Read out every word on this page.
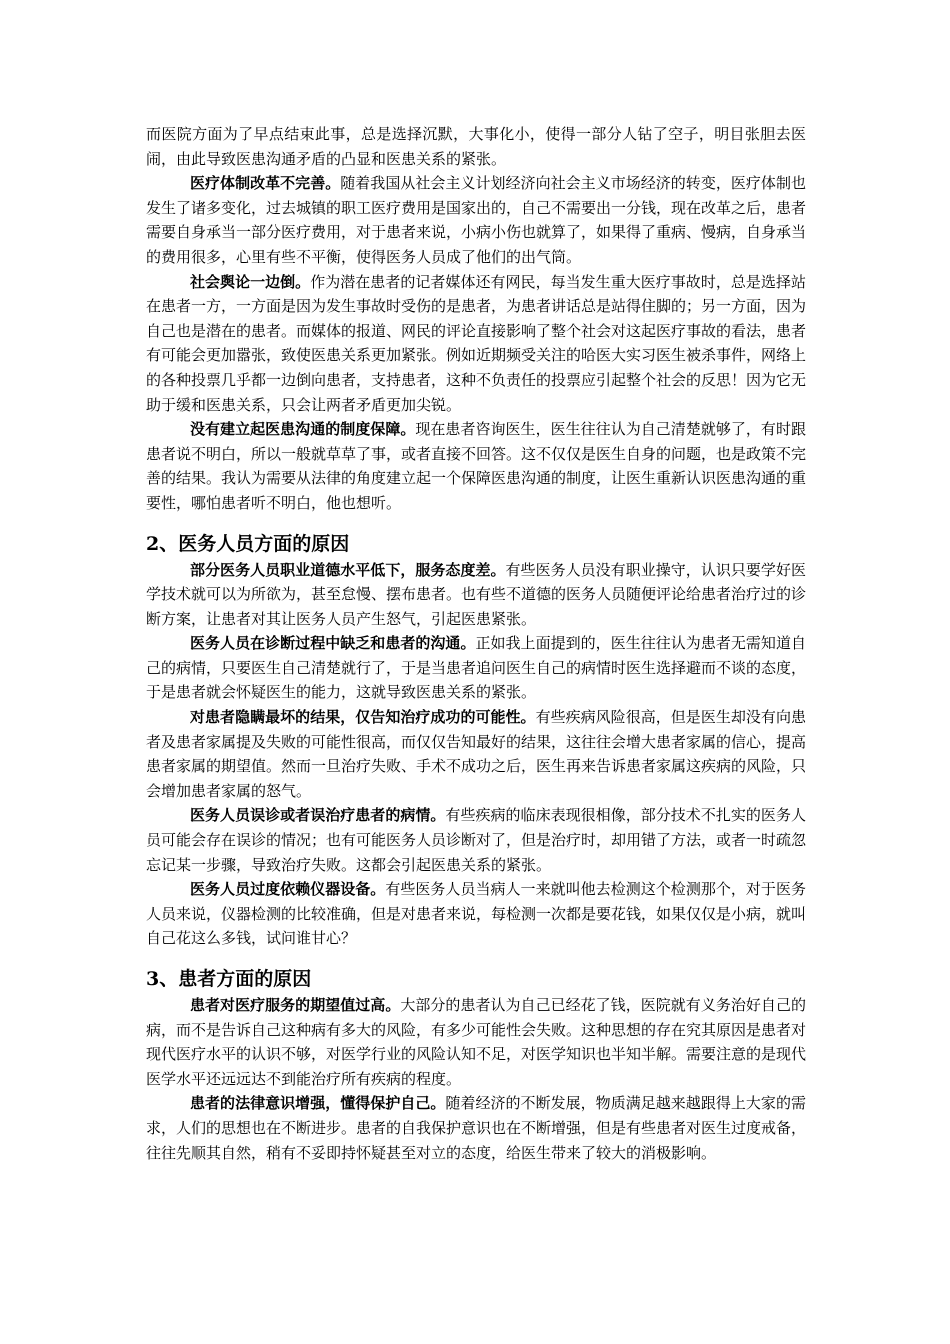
而医院方面为了早点结束此事，总是选择沉默，大事化小，使得一部分人钻了空子，明目张胆去医闹，由此导致医患沟通矛盾的凸显和医患关系的紧张。

医疗体制改革不完善。随着我国从社会主义计划经济向社会主义市场经济的转变，医疗体制也发生了诸多变化，过去城镇的职工医疗费用是国家出的，自己不需要出一分钱，现在改革之后，患者需要自身承当一部分医疗费用，对于患者来说，小病小伤也就算了，如果得了重病、慢病，自身承当的费用很多，心里有些不平衡，使得医务人员成了他们的出气筒。

社会舆论一边倒。作为潜在患者的记者媒体还有网民，每当发生重大医疗事故时，总是选择站在患者一方，一方面是因为发生事故时受伤的是患者，为患者讲话总是站得住脚的；另一方面，因为自己也是潜在的患者。而媒体的报道、网民的评论直接影响了整个社会对这起医疗事故的看法，患者有可能会更加嚣张，致使医患关系更加紧张。例如近期频受关注的哈医大实习医生被杀事件，网络上的各种投票几乎都一边倒向患者，支持患者，这种不负责任的投票应引起整个社会的反思！因为它无助于缓和医患关系，只会让两者矛盾更加尖锐。

没有建立起医患沟通的制度保障。现在患者咨询医生，医生往往认为自己清楚就够了，有时跟患者说不明白，所以一般就草草了事，或者直接不回答。这不仅仅是医生自身的问题，也是政策不完善的结果。我认为需要从法律的角度建立起一个保障医患沟通的制度，让医生重新认识医患沟通的重要性，哪怕患者听不明白，他也想听。

2、医务人员方面的原因

部分医务人员职业道德水平低下，服务态度差。有些医务人员没有职业操守，认识只要学好医学技术就可以为所欲为，甚至怠慢、摆布患者。也有些不道德的医务人员随便评论给患者治疗过的诊断方案，让患者对其让医务人员产生怒气，引起医患紧张。

医务人员在诊断过程中缺乏和患者的沟通。正如我上面提到的，医生往往认为患者无需知道自己的病情，只要医生自己清楚就行了，于是当患者追问医生自己的病情时医生选择避而不谈的态度，于是患者就会怀疑医生的能力，这就导致医患关系的紧张。

对患者隐瞒最坏的结果，仅告知治疗成功的可能性。有些疾病风险很高，但是医生却没有向患者及患者家属提及失败的可能性很高，而仅仅告知最好的结果，这往往会增大患者家属的信心，提高患者家属的期望值。然而一旦治疗失败、手术不成功之后，医生再来告诉患者家属这疾病的风险，只会增加患者家属的怒气。

医务人员误诊或者误治疗患者的病情。有些疾病的临床表现很相像，部分技术不扎实的医务人员可能会存在误诊的情况；也有可能医务人员诊断对了，但是治疗时，却用错了方法，或者一时疏忽忘记某一步骤，导致治疗失败。这都会引起医患关系的紧张。

医务人员过度依赖仪器设备。有些医务人员当病人一来就叫他去检测这个检测那个，对于医务人员来说，仪器检测的比较准确，但是对患者来说，每检测一次都是要花钱，如果仅仅是小病，就叫自己花这么多钱，试问谁甘心？

3、患者方面的原因

患者对医疗服务的期望值过高。大部分的患者认为自己已经花了钱，医院就有义务治好自己的病，而不是告诉自己这种病有多大的风险，有多少可能性会失败。这种思想的存在究其原因是患者对现代医疗水平的认识不够，对医学行业的风险认知不足，对医学知识也半知半解。需要注意的是现代医学水平还远远达不到能治疗所有疾病的程度。

患者的法律意识增强，懂得保护自己。随着经济的不断发展，物质满足越来越跟得上大家的需求，人们的思想也在不断进步。患者的自我保护意识也在不断增强，但是有些患者对医生过度戒备，往往先顺其自然，稍有不妥即持怀疑甚至对立的态度，给医生带来了较大的消极影响。
